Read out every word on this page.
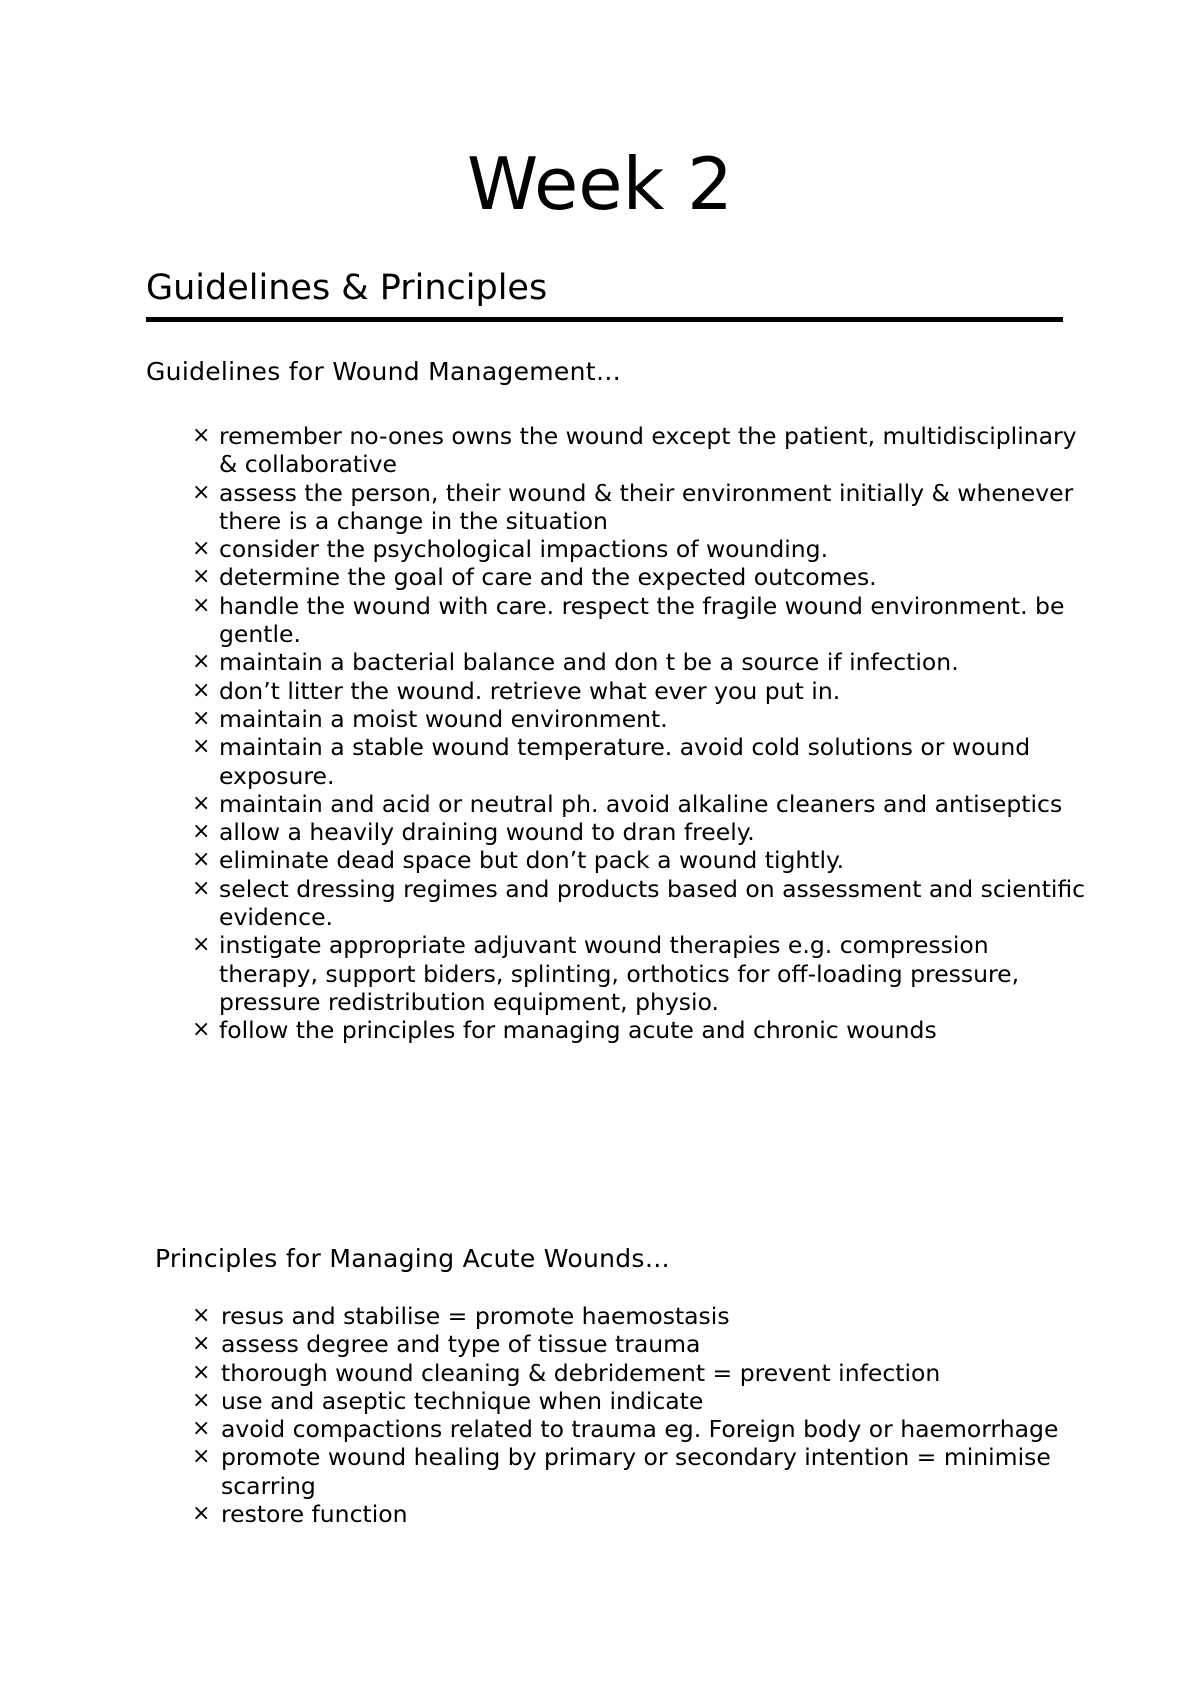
Week 2
Guidelines & Principles
Guidelines for Wound Management…
× remember no-ones owns the wound except the patient, multidisciplinary & collaborative
× assess the person, their wound & their environment initially & whenever there is a change in the situation
× consider the psychological impactions of wounding.
× determine the goal of care and the expected outcomes.
× handle the wound with care. respect the fragile wound environment. be gentle.
× maintain a bacterial balance and don t be a source if infection.
× don’t litter the wound. retrieve what ever you put in.
× maintain a moist wound environment.
× maintain a stable wound temperature. avoid cold solutions or wound exposure.
× maintain and acid or neutral ph. avoid alkaline cleaners and antiseptics
× allow a heavily draining wound to dran freely.
× eliminate dead space but don’t pack a wound tightly.
× select dressing regimes and products based on assessment and scientific evidence.
× instigate appropriate adjuvant wound therapies e.g. compression therapy, support biders, splinting, orthotics for off-loading pressure, pressure redistribution equipment, physio.
× follow the principles for managing acute and chronic wounds
Principles for Managing Acute Wounds…
× resus and stabilise = promote haemostasis
× assess degree and type of tissue trauma
× thorough wound cleaning & debridement = prevent infection
× use and aseptic technique when indicate
× avoid compactions related to trauma eg. Foreign body or haemorrhage
× promote wound healing by primary or secondary intention = minimise scarring
× restore function
